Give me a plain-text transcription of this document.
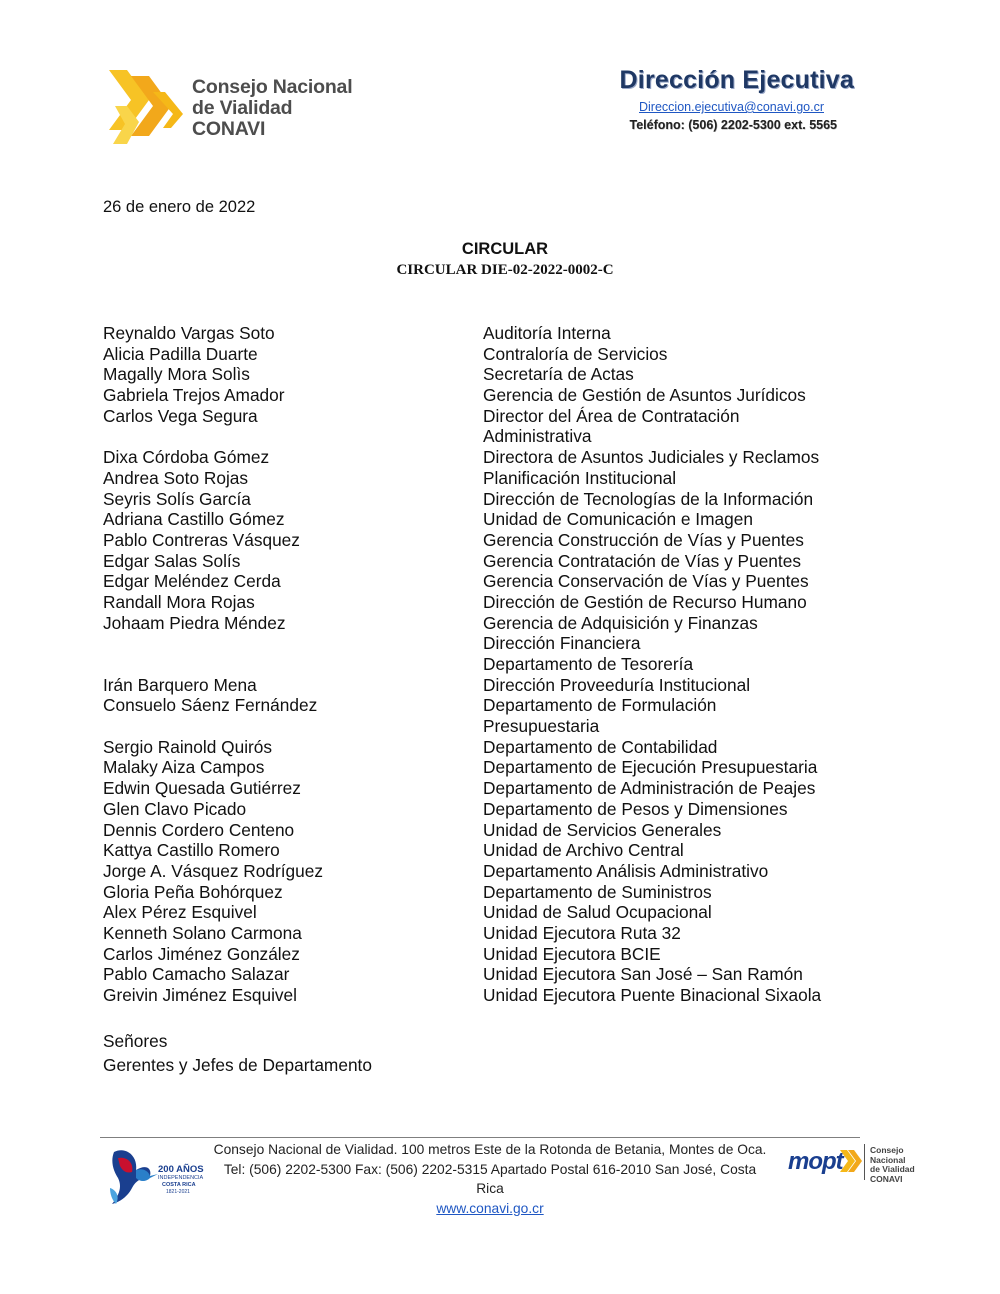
Consejo Nacional
de Vialidad
CONAVI
Dirección Ejecutiva
Direccion.ejecutiva@conavi.go.cr
Teléfono: (506) 2202-5300 ext. 5565
26 de enero de 2022
CIRCULAR
CIRCULAR DIE-02-2022-0002-C
Reynaldo Vargas Soto
Alicia Padilla Duarte
Magally Mora Solìs
Gabriela Trejos Amador
Carlos Vega Segura
Dixa Córdoba Gómez
Andrea Soto Rojas
Seyris Solís García
Adriana Castillo Gómez
Pablo Contreras Vásquez
Edgar Salas Solís
Edgar Meléndez Cerda
Randall Mora Rojas
Johaam Piedra Méndez
Irán Barquero Mena
Consuelo Sáenz Fernández
Sergio Rainold Quirós
Malaky Aiza Campos
Edwin Quesada Gutiérrez
Glen Clavo Picado
Dennis Cordero Centeno
Kattya Castillo Romero
Jorge A. Vásquez Rodríguez
Gloria Peña Bohórquez
Alex Pérez Esquivel
Kenneth Solano Carmona
Carlos Jiménez González
Pablo Camacho Salazar
Greivin Jiménez Esquivel
Auditoría Interna
Contraloría de Servicios
Secretaría de Actas
Gerencia de Gestión de Asuntos Jurídicos
Director del Área de Contratación
Administrativa
Directora de Asuntos Judiciales y Reclamos
Planificación Institucional
Dirección de Tecnologías de la Información
Unidad de Comunicación e Imagen
Gerencia Construcción de Vías y Puentes
Gerencia Contratación de Vías y Puentes
Gerencia Conservación de Vías y Puentes
Dirección de Gestión de Recurso Humano
Gerencia de Adquisición y Finanzas
Dirección Financiera
Departamento de Tesorería
Dirección Proveeduría Institucional
Departamento de Formulación
Presupuestaria
Departamento de Contabilidad
Departamento de Ejecución Presupuestaria
Departamento de Administración de Peajes
Departamento de Pesos y Dimensiones
Unidad de Servicios Generales
Unidad de Archivo Central
Departamento Análisis Administrativo
Departamento de Suministros
Unidad de Salud Ocupacional
Unidad Ejecutora Ruta 32
Unidad Ejecutora BCIE
Unidad Ejecutora San José – San Ramón
Unidad Ejecutora Puente Binacional Sixaola
Señores
Gerentes y Jefes de Departamento
200 AÑOS
INDEPENDENCIA
COSTA RICA
1821-2021
Consejo Nacional de Vialidad. 100 metros Este de la Rotonda de Betania, Montes de Oca.
Tel: (506) 2202-5300 Fax: (506) 2202-5315 Apartado Postal 616-2010 San José, Costa Rica
www.conavi.go.cr
mopt	Consejo Nacional
de Vialidad
CONAVI
